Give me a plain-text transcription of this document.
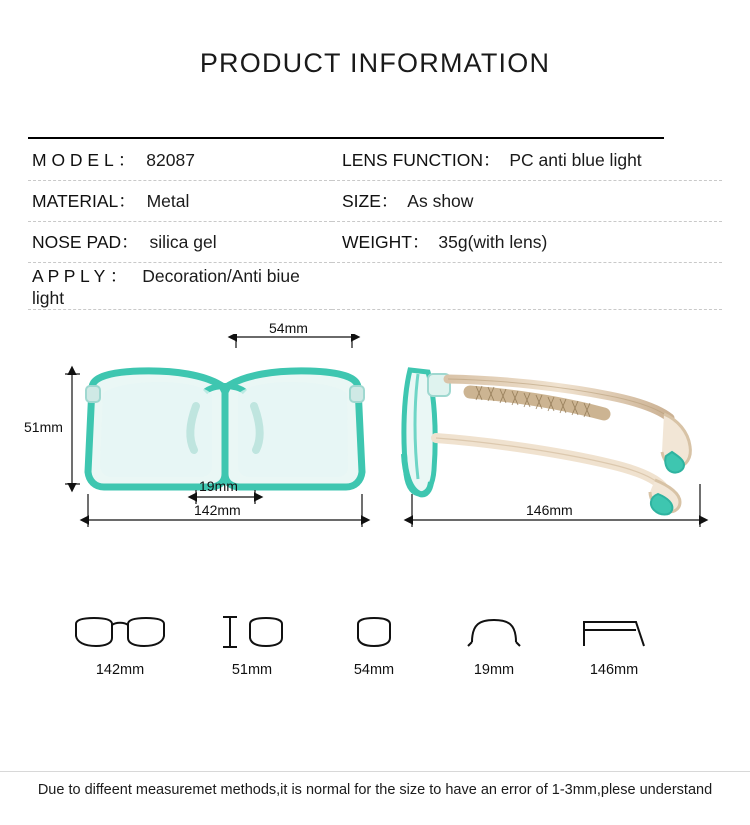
PRODUCT INFORMATION
M O D E L ： 82087	LENS FUNCTION： PC anti blue light
MATERIAL： Metal	SIZE： As show
NOSE PAD： silica gel	WEIGHT： 35g(with lens)
A P P L Y ： Decoration/Anti biue light	
54mm
51mm
19mm
142mm	146mm
142mm	51mm	54mm	19mm	146mm
Due to diffeent measuremet methods,it is normal for the size to have an error of 1-3mm,plese understand
